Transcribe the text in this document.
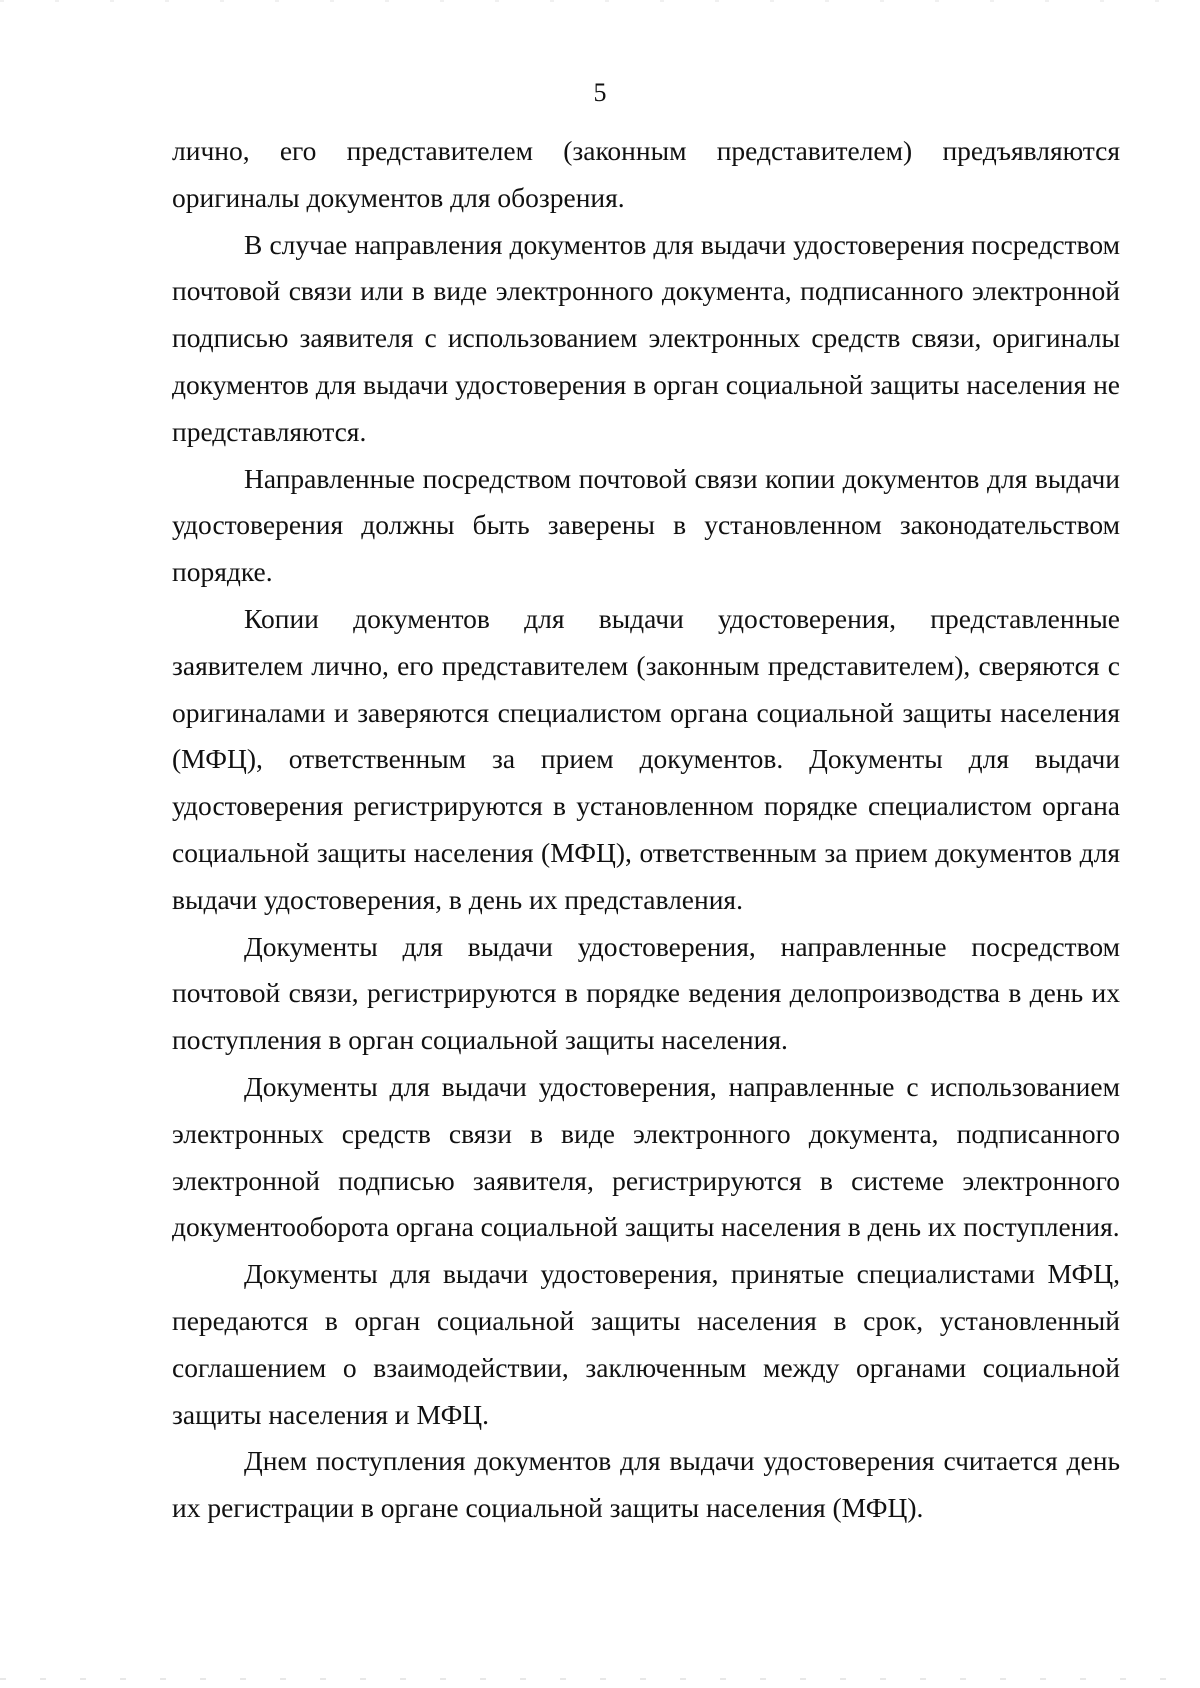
5

лично, его представителем (законным представителем) предъявляются оригиналы документов для обозрения.

В случае направления документов для выдачи удостоверения посредством почтовой связи или в виде электронного документа, подписанного электронной подписью заявителя с использованием электронных средств связи, оригиналы документов для выдачи удостоверения в орган социальной защиты населения не представляются.

Направленные посредством почтовой связи копии документов для выдачи удостоверения должны быть заверены в установленном законодательством порядке.

Копии документов для выдачи удостоверения, представленные заявителем лично, его представителем (законным представителем), сверяются с оригиналами и заверяются специалистом органа социальной защиты населения (МФЦ), ответственным за прием документов. Документы для выдачи удостоверения регистрируются в установленном порядке специалистом органа социальной защиты населения (МФЦ), ответственным за прием документов для выдачи удостоверения, в день их представления.

Документы для выдачи удостоверения, направленные посредством почтовой связи, регистрируются в порядке ведения делопроизводства в день их поступления в орган социальной защиты населения.

Документы для выдачи удостоверения, направленные с использованием электронных средств связи в виде электронного документа, подписанного электронной подписью заявителя, регистрируются в системе электронного документооборота органа социальной защиты населения в день их поступления.

Документы для выдачи удостоверения, принятые специалистами МФЦ, передаются в орган социальной защиты населения в срок, установленный соглашением о взаимодействии, заключенным между органами социальной защиты населения и МФЦ.

Днем поступления документов для выдачи удостоверения считается день их регистрации в органе социальной защиты населения (МФЦ).
